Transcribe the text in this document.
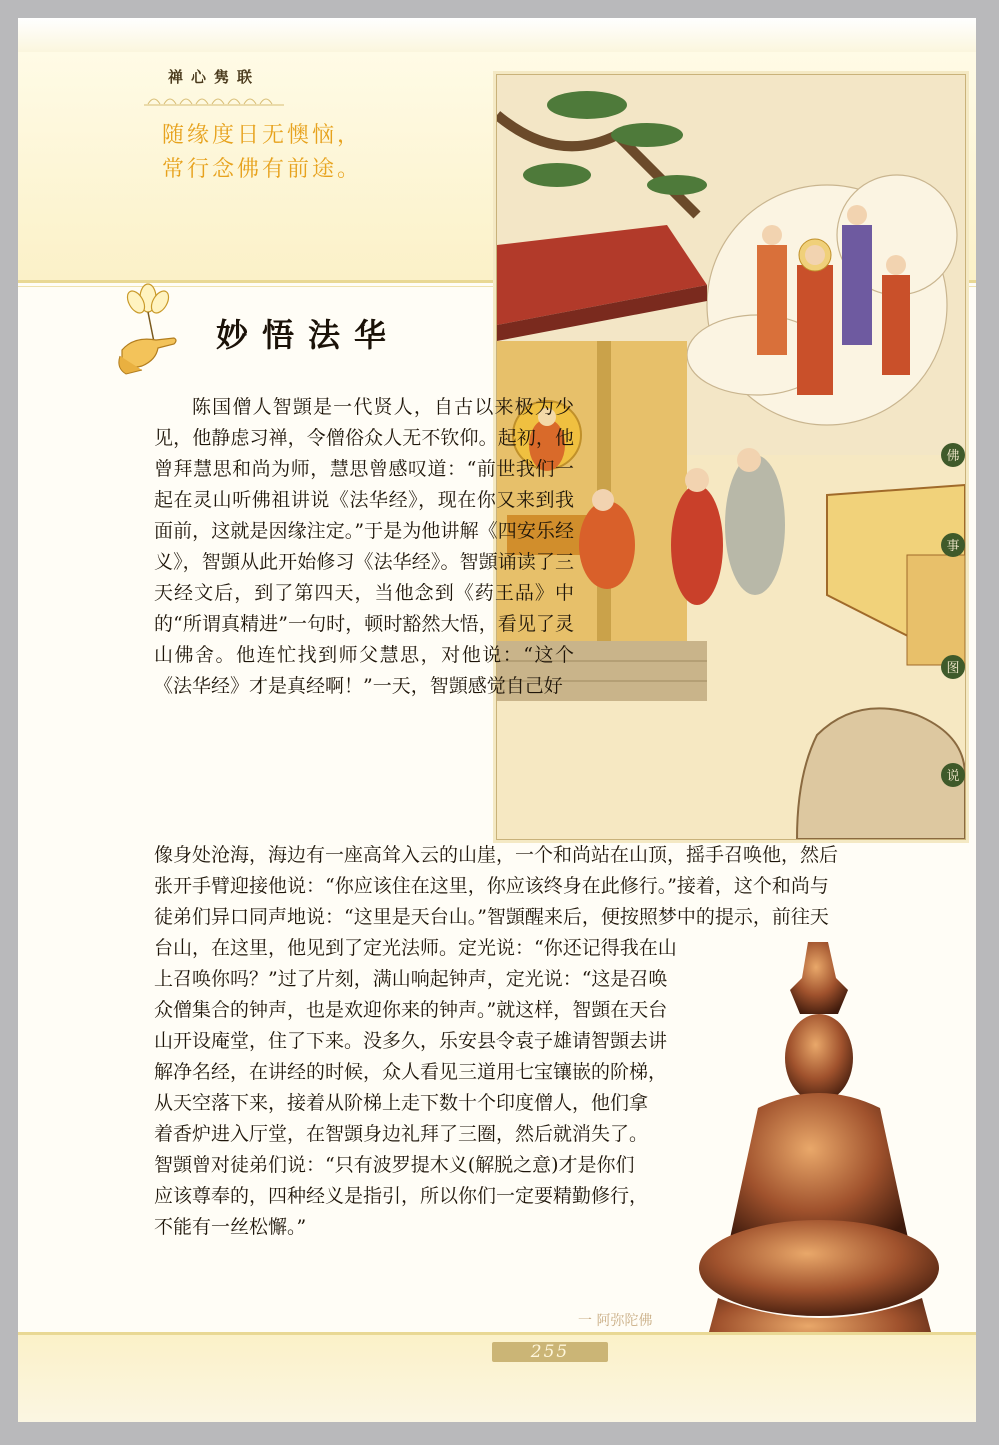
禅心隽联
随缘度日无懊恼，
常行念佛有前途。
妙悟法华
佛
事
图
说

陈国僧人智顗是一代贤人，自古以来极为少见，他静虑习禅，令僧俗众人无不钦仰。起初，他曾拜慧思和尚为师，慧思曾感叹道：“前世我们一起在灵山听佛祖讲说《法华经》，现在你又来到我面前，这就是因缘注定。”于是为他讲解《四安乐经义》，智顗从此开始修习《法华经》。智顗诵读了三天经文后，到了第四天，当他念到《药王品》中的“所谓真精进”一句时，顿时豁然大悟，看见了灵山佛舍。他连忙找到师父慧思，对他说：“这个《法华经》才是真经啊！”一天，智顗感觉自己好

像身处沧海，海边有一座高耸入云的山崖，一个和尚站在山顶，摇手召唤他，然后
张开手臂迎接他说：“你应该住在这里，你应该终身在此修行。”接着，这个和尚与
徒弟们异口同声地说：“这里是天台山。”智顗醒来后，便按照梦中的提示，前往天
台山，在这里，他见到了定光法师。定光说：“你还记得我在山
上召唤你吗？”过了片刻，满山响起钟声，定光说：“这是召唤
众僧集合的钟声，也是欢迎你来的钟声。”就这样，智顗在天台
山开设庵堂，住了下来。没多久，乐安县令袁子雄请智顗去讲
解净名经，在讲经的时候，众人看见三道用七宝镶嵌的阶梯，
从天空落下来，接着从阶梯上走下数十个印度僧人，他们拿
着香炉进入厅堂，在智顗身边礼拜了三圈，然后就消失了。
智顗曾对徒弟们说：“只有波罗提木义(解脱之意)才是你们
应该尊奉的，四种经义是指引，所以你们一定要精勤修行，
不能有一丝松懈。”

一 阿弥陀佛
255
